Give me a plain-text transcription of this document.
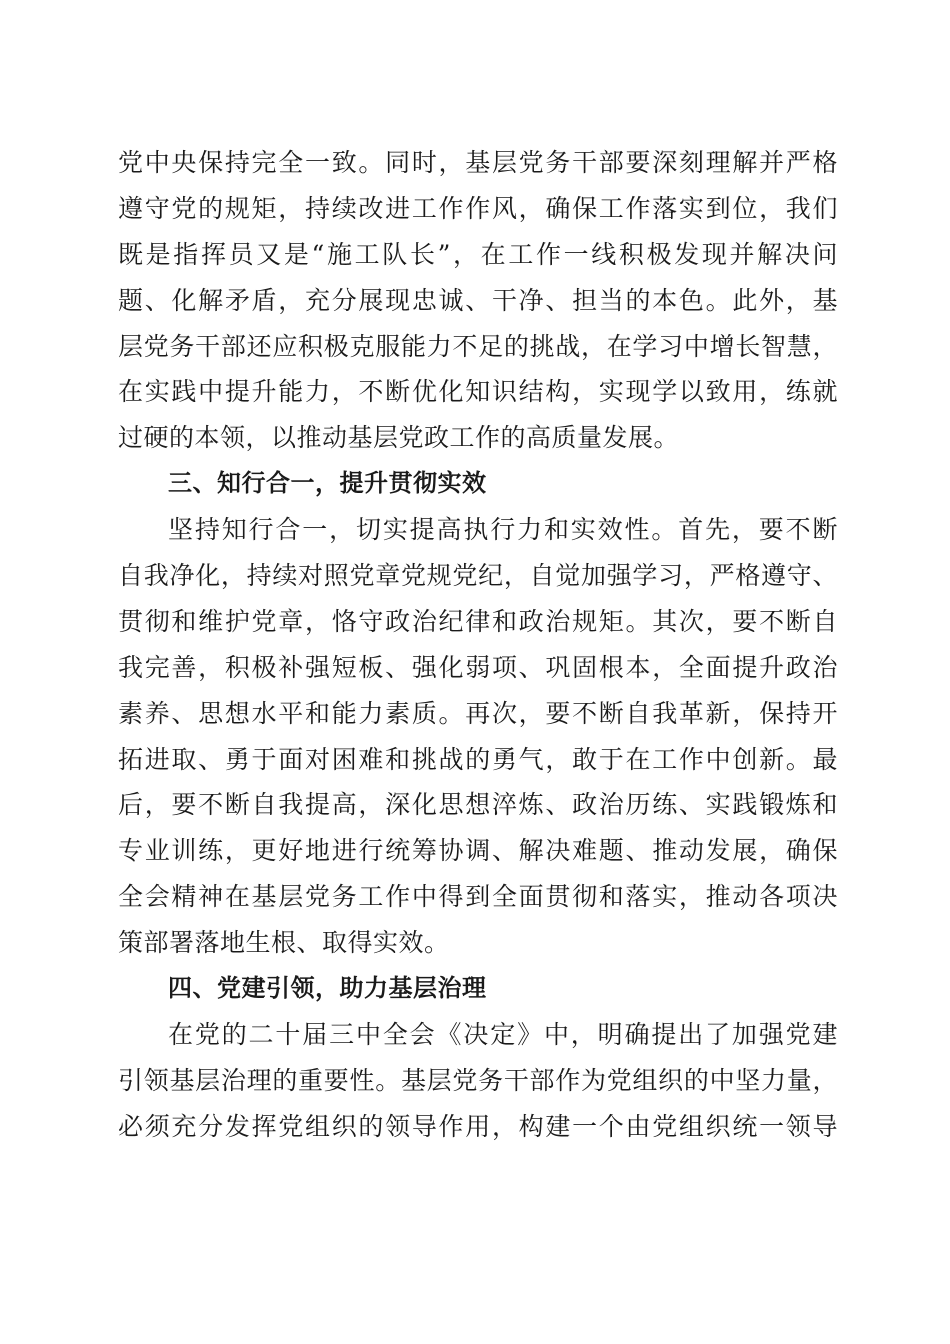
党中央保持完全一致。同时，基层党务干部要深刻理解并严格
遵守党的规矩，持续改进工作作风，确保工作落实到位，我们
既是指挥员又是“施工队长”，在工作一线积极发现并解决问
题、化解矛盾，充分展现忠诚、干净、担当的本色。此外，基
层党务干部还应积极克服能力不足的挑战，在学习中增长智慧，
在实践中提升能力，不断优化知识结构，实现学以致用，练就
过硬的本领，以推动基层党政工作的高质量发展。
三、知行合一，提升贯彻实效
坚持知行合一，切实提高执行力和实效性。首先，要不断
自我净化，持续对照党章党规党纪，自觉加强学习，严格遵守、
贯彻和维护党章，恪守政治纪律和政治规矩。其次，要不断自
我完善，积极补强短板、强化弱项、巩固根本，全面提升政治
素养、思想水平和能力素质。再次，要不断自我革新，保持开
拓进取、勇于面对困难和挑战的勇气，敢于在工作中创新。最
后，要不断自我提高，深化思想淬炼、政治历练、实践锻炼和
专业训练，更好地进行统筹协调、解决难题、推动发展，确保
全会精神在基层党务工作中得到全面贯彻和落实，推动各项决
策部署落地生根、取得实效。
四、党建引领，助力基层治理
在党的二十届三中全会《决定》中，明确提出了加强党建
引领基层治理的重要性。基层党务干部作为党组织的中坚力量，
必须充分发挥党组织的领导作用，构建一个由党组织统一领导
